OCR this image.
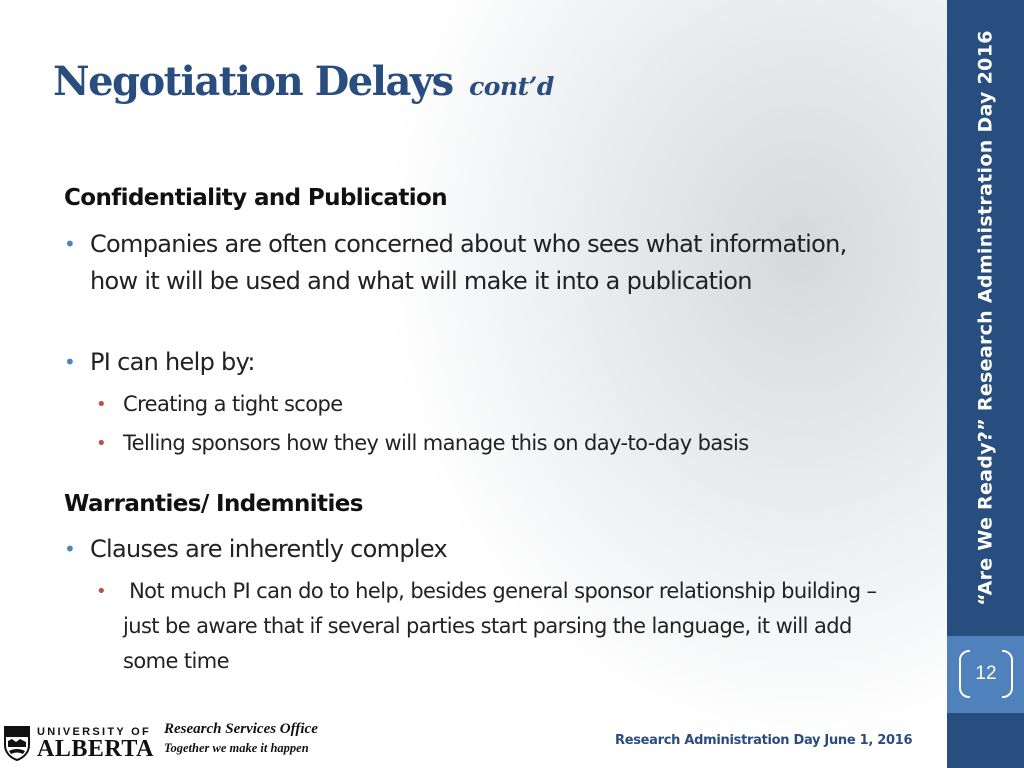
Negotiation Delays cont’d
Confidentiality and Publication
• Companies are often concerned about who sees what information, how it will be used and what will make it into a publication
• PI can help by:
• Creating a tight scope
• Telling sponsors how they will manage this on day-to-day basis
Warranties/ Indemnities
• Clauses are inherently complex
• Not much PI can do to help, besides general sponsor relationship building – just be aware that if several parties start parsing the language, it will add some time
“Are We Ready?” Research Administration Day 2016
12
UNIVERSITY OF
ALBERTA
Research Services Office
Together we make it happen	Research Administration Day June 1, 2016
